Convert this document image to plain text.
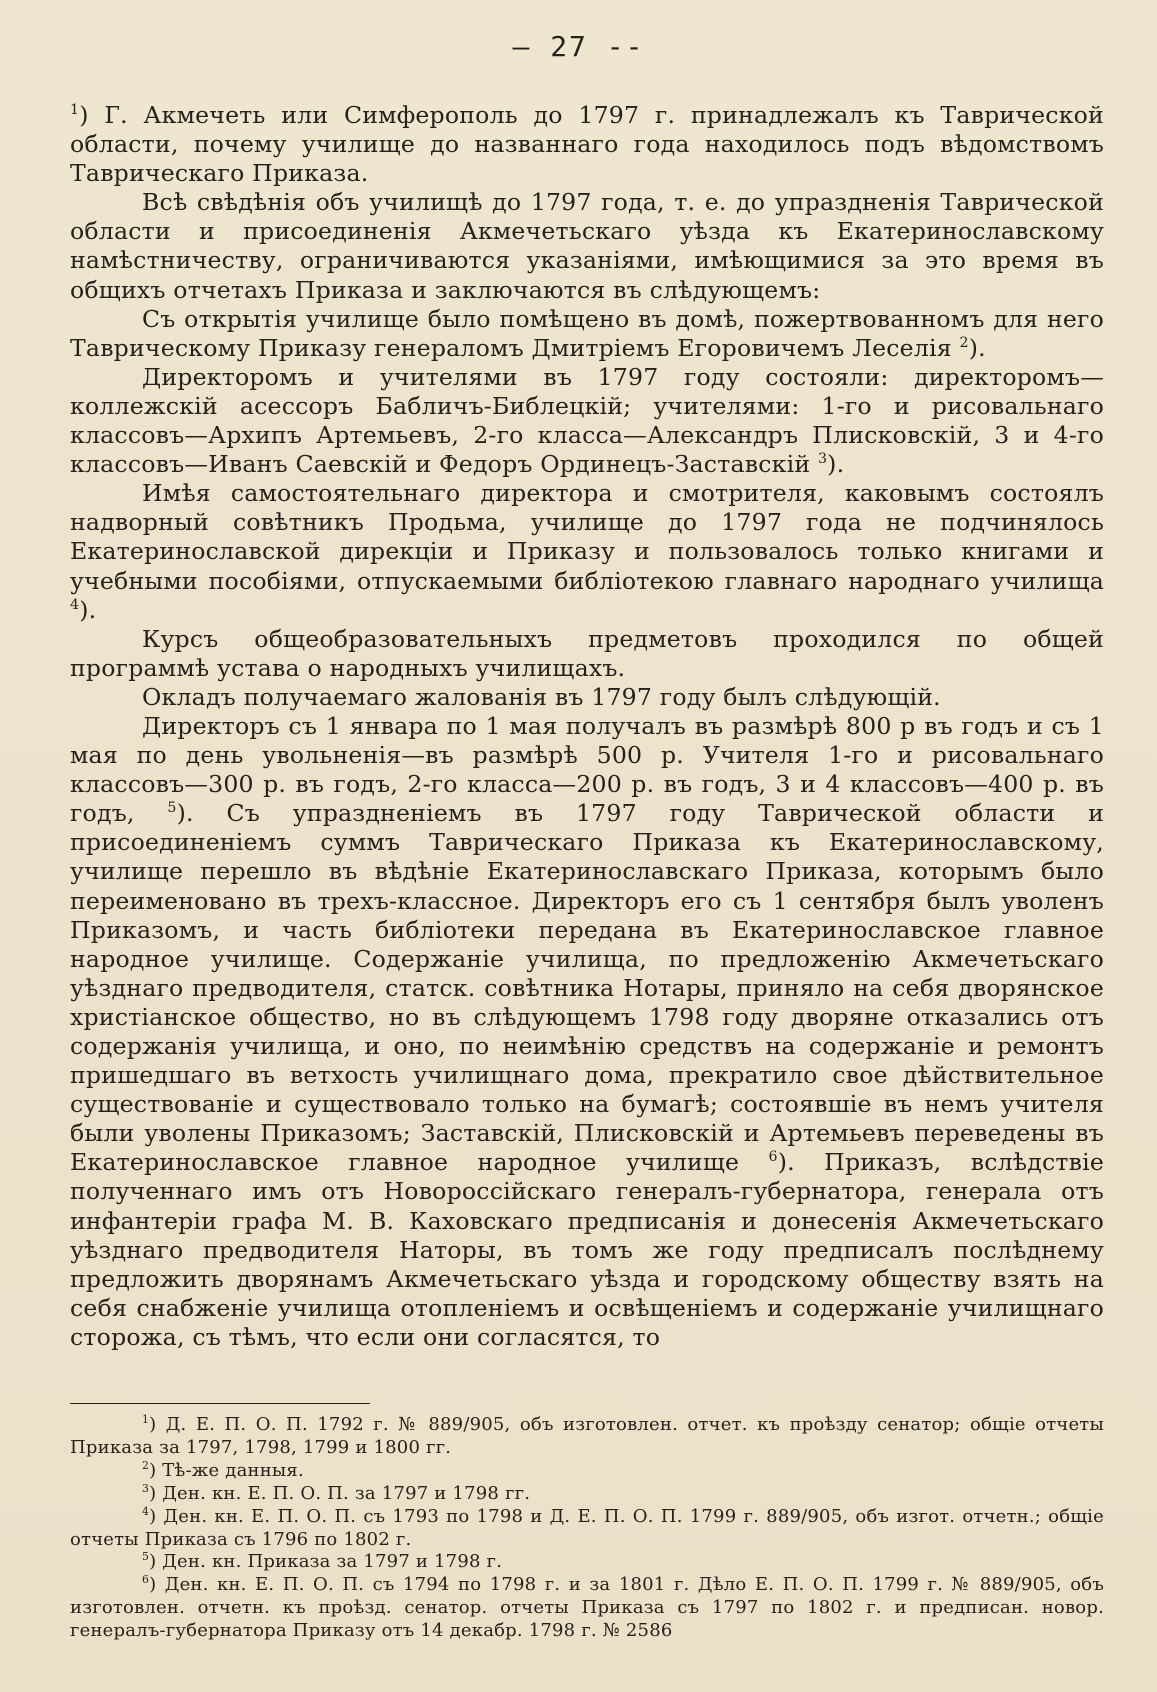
— 27 --

$^1$) Г. Акмечеть или Симферополь до 1797 г. принадлежалъ къ Таврической области, почему училище до названнаго года находилось подъ вѣдомствомъ Таврическаго Приказа.

Всѣ свѣдѣнія объ училищѣ до 1797 года, т. е. до упраздненія Таврической области и присоединенія Акмечетьскаго уѣзда къ Екатеринославскому намѣстничеству, ограничиваются указаніями, имѣющимися за это время въ общихъ отчетахъ Приказа и заключаются въ слѣдующемъ:

Съ открытія училище было помѣщено въ домѣ, пожертвованномъ для него Таврическому Приказу генераломъ Дмитріемъ Егоровичемъ Леселія $^2$).

Директоромъ и учителями въ 1797 году состояли: директоромъ—коллежскій асессоръ Бабличъ-Библецкій; учителями: 1-го и рисовальнаго классовъ—Архипъ Артемьевъ, 2-го класса—Александръ Плисковскій, 3 и 4-го классовъ—Иванъ Саевскій и Федоръ Ординецъ-Заставскій $^3$).

Имѣя самостоятельнаго директора и смотрителя, каковымъ состоялъ надворный совѣтникъ Продьма, училище до 1797 года не подчинялось Екатеринославской дирекціи и Приказу и пользовалось только книгами и учебными пособіями, отпускаемыми библіотекою главнаго народнаго училища $^4$).

Курсъ общеобразовательныхъ предметовъ проходился по общей программѣ устава о народныхъ училищахъ.

Окладъ получаемаго жалованія въ 1797 году былъ слѣдующій.

Директоръ съ 1 январа по 1 мая получалъ въ размѣрѣ 800 р въ годъ и съ 1 мая по день увольненія—въ размѣрѣ 500 р. Учителя 1-го и рисовальнаго классовъ—300 р. въ годъ, 2-го класса—200 р. въ годъ, 3 и 4 классовъ—400 р. въ годъ, $^5$). Съ упраздненіемъ въ 1797 году Таврической области и присоединеніемъ суммъ Таврическаго Приказа къ Екатеринославскому, училище перешло въ вѣдѣніе Екатеринославскаго Приказа, которымъ было переименовано въ трехъ-классное. Директоръ его съ 1 сентября былъ уволенъ Приказомъ, и часть библіотеки передана въ Екатеринославское главное народное училище. Содержаніе училища, по предложенію Акмечетьскаго уѣзднаго предводителя, статск. совѣтника Нотары, приняло на себя дворянское христіанское общество, но въ слѣдующемъ 1798 году дворяне отказались отъ содержанія училища, и оно, по неимѣнію средствъ на содержаніе и ремонтъ пришедшаго въ ветхость училищнаго дома, прекратило свое дѣйствительное существованіе и существовало только на бумагѣ; состоявшіе въ немъ учителя были уволены Приказомъ; Заставскій, Плисковскій и Артемьевъ переведены въ Екатеринославское главное народное училище $^6$). Приказъ, вслѣдствіе полученнаго имъ отъ Новороссійскаго генералъ-губернатора, генерала отъ инфантеріи графа М. В. Каховскаго предписанія и донесенія Акмечетьскаго уѣзднаго предводителя Наторы, въ томъ же году предписалъ послѣднему предложить дворянамъ Акмечетьскаго уѣзда и городскому обществу взять на себя снабженіе училища отопленіемъ и освѣщеніемъ и содержаніе училищнаго сторожа, съ тѣмъ, что если они согласятся, то

$^1$) Д. Е. П. О. П. 1792 г. № 889/905, объ изготовлен. отчет. къ проѣзду сенатор; общіе отчеты Приказа за 1797, 1798, 1799 и 1800 гг.

$^2$) Тѣ-же данныя.

$^3$) Ден. кн. Е. П. О. П. за 1797 и 1798 гг.

$^4$) Ден. кн. Е. П. О. П. съ 1793 по 1798 и Д. Е. П. О. П. 1799 г. 889/905, объ изгот. отчетн.; общіе отчеты Приказа съ 1796 по 1802 г.

$^5$) Ден. кн. Приказа за 1797 и 1798 г.

$^6$) Ден. кн. Е. П. О. П. съ 1794 по 1798 г. и за 1801 г. Дѣло Е. П. О. П. 1799 г. № 889/905, объ изготовлен. отчетн. къ проѣзд. сенатор. отчеты Приказа съ 1797 по 1802 г. и предписан. новор. генералъ-губернатора Приказу отъ 14 декабр. 1798 г. № 2586
